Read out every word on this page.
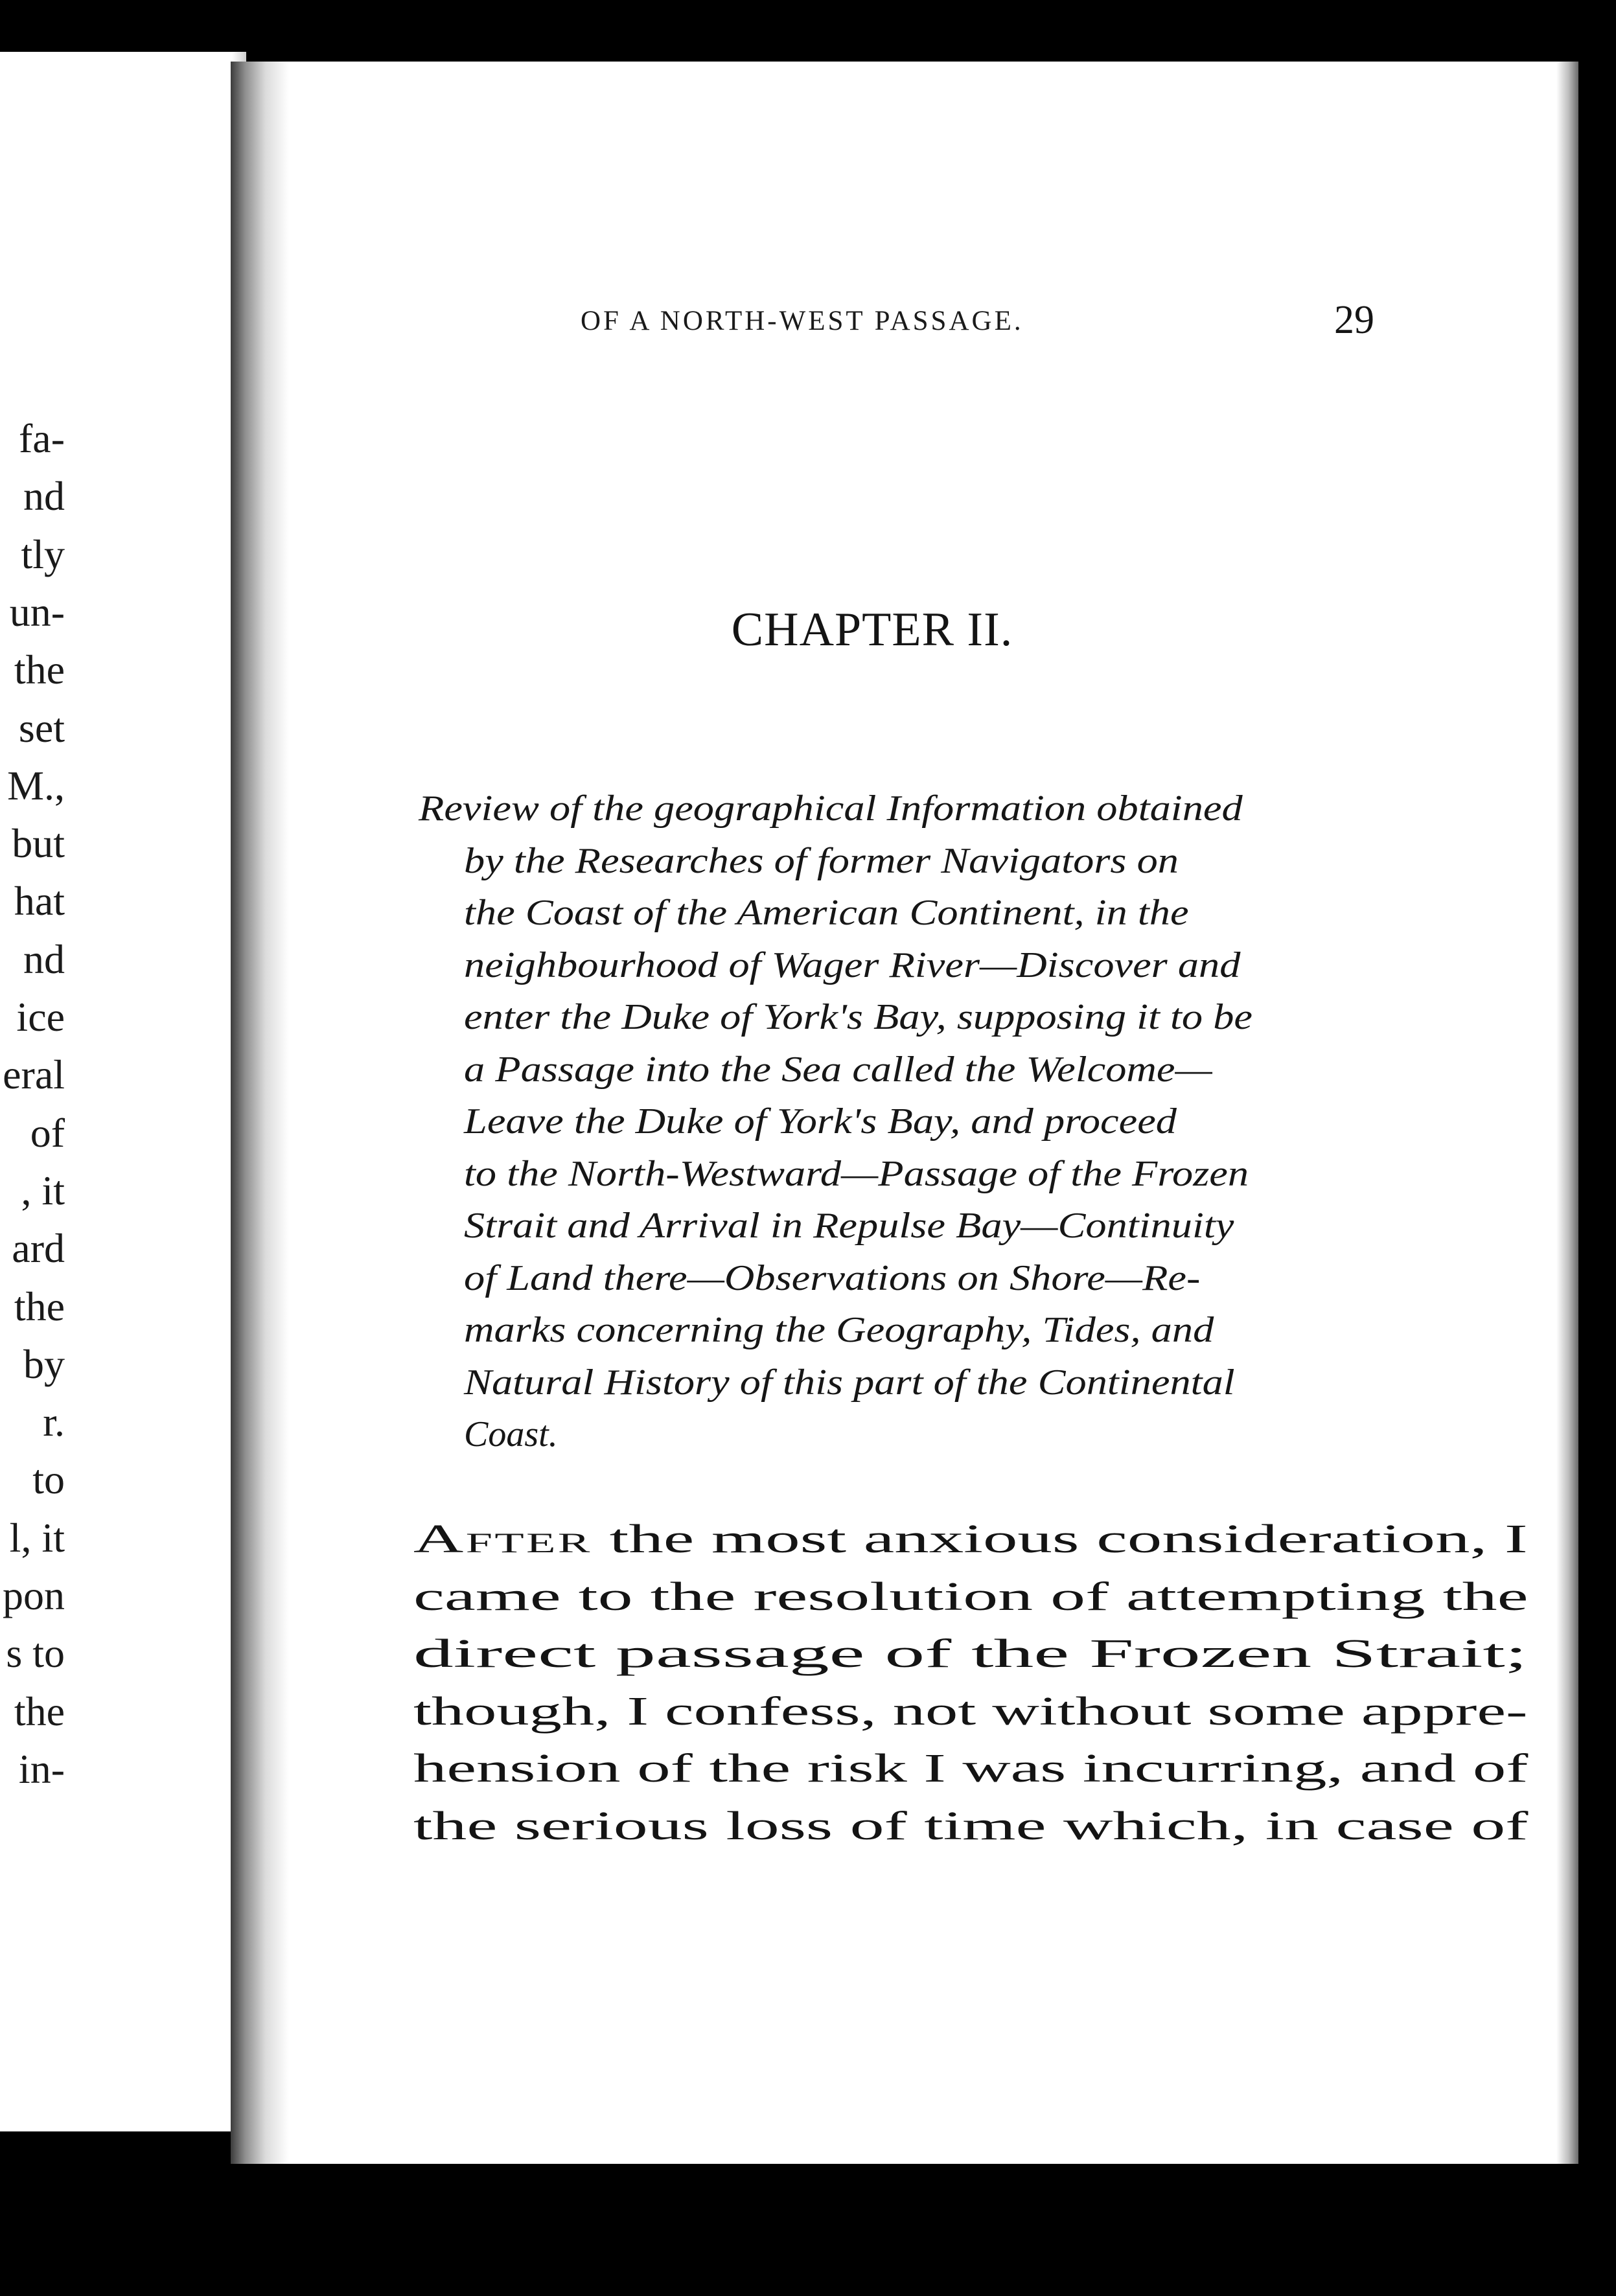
fa-
nd
tly
un-
the
set
M.,
but
hat
nd
ice
eral
of
, it
ard
the
by
r.
to
l, it
pon
s to
the
in-
OF A NORTH-WEST PASSAGE.	29
CHAPTER II.
Review of the geographical Information obtained
by the Researches of former Navigators on
the Coast of the American Continent, in the
neighbourhood of Wager River—Discover and
enter the Duke of York's Bay, supposing it to be
a Passage into the Sea called the Welcome—
Leave the Duke of York's Bay, and proceed
to the North-Westward—Passage of the Frozen
Strait and Arrival in Repulse Bay—Continuity
of Land there—Observations on Shore—Re-
marks concerning the Geography, Tides, and
Natural History of this part of the Continental
Coast.
After the most anxious consideration, I
came to the resolution of attempting the
direct passage of the Frozen Strait;
though, I confess, not without some appre-
hension of the risk I was incurring, and of
the serious loss of time which, in case of
